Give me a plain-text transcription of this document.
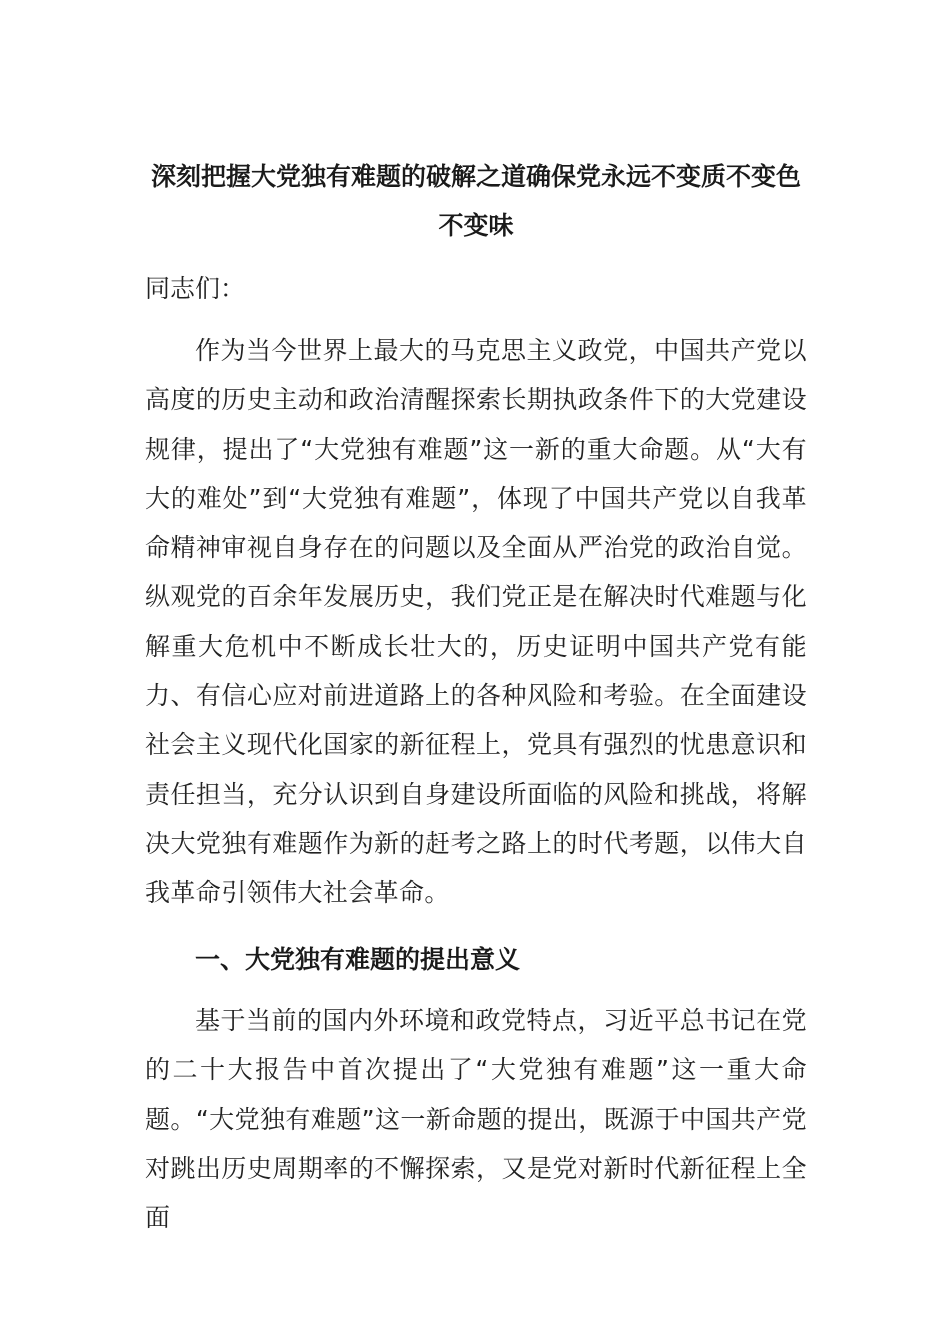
深刻把握大党独有难题的破解之道确保党永远不变质不变色不变味

同志们：

作为当今世界上最大的马克思主义政党，中国共产党以高度的历史主动和政治清醒探索长期执政条件下的大党建设规律，提出了“大党独有难题”这一新的重大命题。从“大有大的难处”到“大党独有难题”，体现了中国共产党以自我革命精神审视自身存在的问题以及全面从严治党的政治自觉。纵观党的百余年发展历史，我们党正是在解决时代难题与化解重大危机中不断成长壮大的，历史证明中国共产党有能力、有信心应对前进道路上的各种风险和考验。在全面建设社会主义现代化国家的新征程上，党具有强烈的忧患意识和责任担当，充分认识到自身建设所面临的风险和挑战，将解决大党独有难题作为新的赶考之路上的时代考题，以伟大自我革命引领伟大社会革命。

一、大党独有难题的提出意义

基于当前的国内外环境和政党特点，习近平总书记在党的二十大报告中首次提出了“大党独有难题”这一重大命题。“大党独有难题”这一新命题的提出，既源于中国共产党对跳出历史周期率的不懈探索，又是党对新时代新征程上全面
